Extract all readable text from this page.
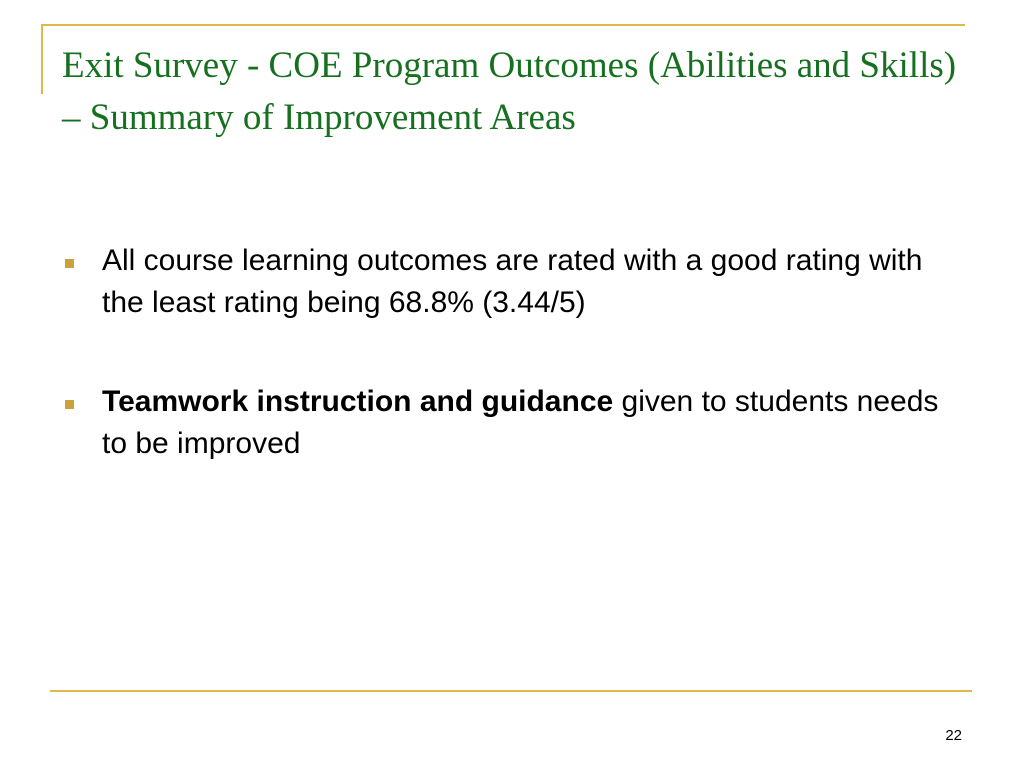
Exit Survey - COE Program Outcomes (Abilities and Skills) – Summary of Improvement Areas
All course learning outcomes are rated with a good rating with the least rating being 68.8% (3.44/5)
Teamwork instruction and guidance given to students needs to be improved
22
